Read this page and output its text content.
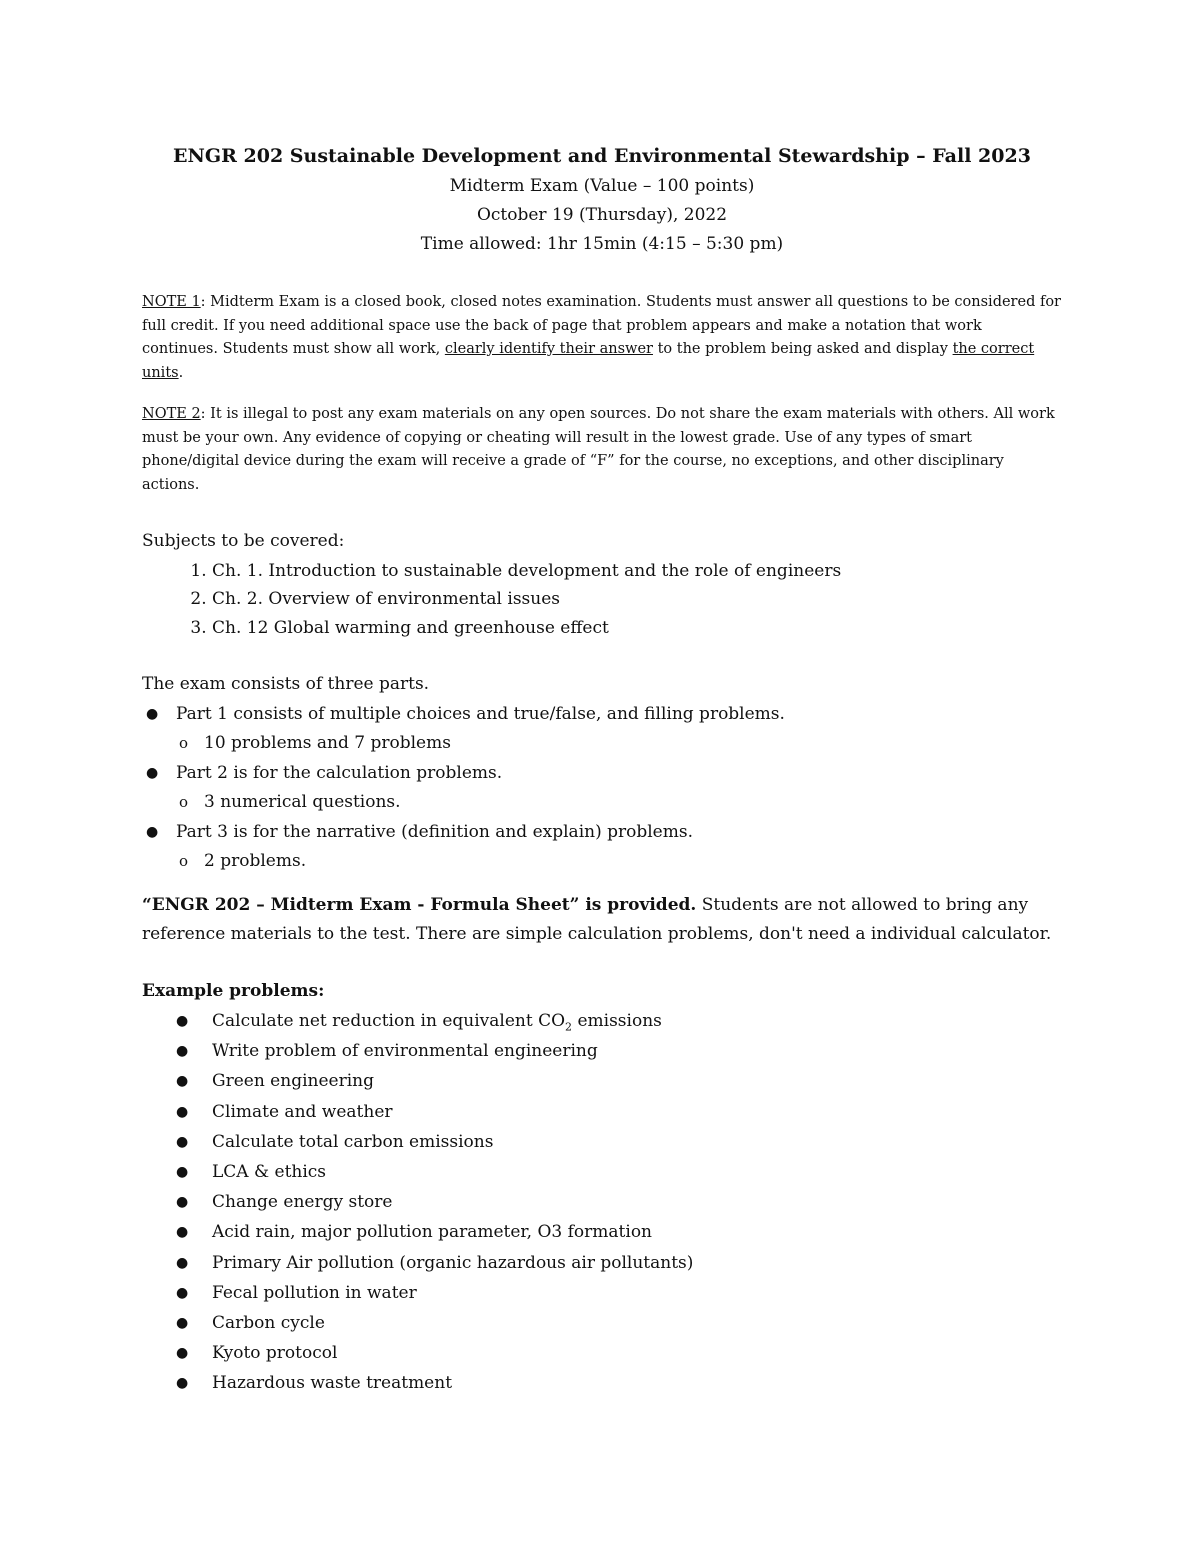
ENGR 202 Sustainable Development and Environmental Stewardship – Fall 2023
Midterm Exam (Value – 100 points)
October 19 (Thursday), 2022
Time allowed: 1hr 15min (4:15 – 5:30 pm)
NOTE 1: Midterm Exam is a closed book, closed notes examination. Students must answer all questions to be considered for full credit. If you need additional space use the back of page that problem appears and make a notation that work continues. Students must show all work, clearly identify their answer to the problem being asked and display the correct units.
NOTE 2: It is illegal to post any exam materials on any open sources. Do not share the exam materials with others. All work must be your own. Any evidence of copying or cheating will result in the lowest grade. Use of any types of smart phone/digital device during the exam will receive a grade of “F” for the course, no exceptions, and other disciplinary actions.
Subjects to be covered:
1. Ch. 1. Introduction to sustainable development and the role of engineers
2. Ch. 2. Overview of environmental issues
3. Ch. 12 Global warming and greenhouse effect
The exam consists of three parts.
● Part 1 consists of multiple choices and true/false, and filling problems.
o 10 problems and 7 problems
● Part 2 is for the calculation problems.
o 3 numerical questions.
● Part 3 is for the narrative (definition and explain) problems.
o 2 problems.
“ENGR 202 – Midterm Exam - Formula Sheet” is provided. Students are not allowed to bring any reference materials to the test. There are simple calculation problems, don't need a individual calculator.
Example problems:
● Calculate net reduction in equivalent $CO_2$ emissions
● Write problem of environmental engineering
● Green engineering
● Climate and weather
● Calculate total carbon emissions
● LCA & ethics
● Change energy store
● Acid rain, major pollution parameter, O3 formation
● Primary Air pollution (organic hazardous air pollutants)
● Fecal pollution in water
● Carbon cycle
● Kyoto protocol
● Hazardous waste treatment
